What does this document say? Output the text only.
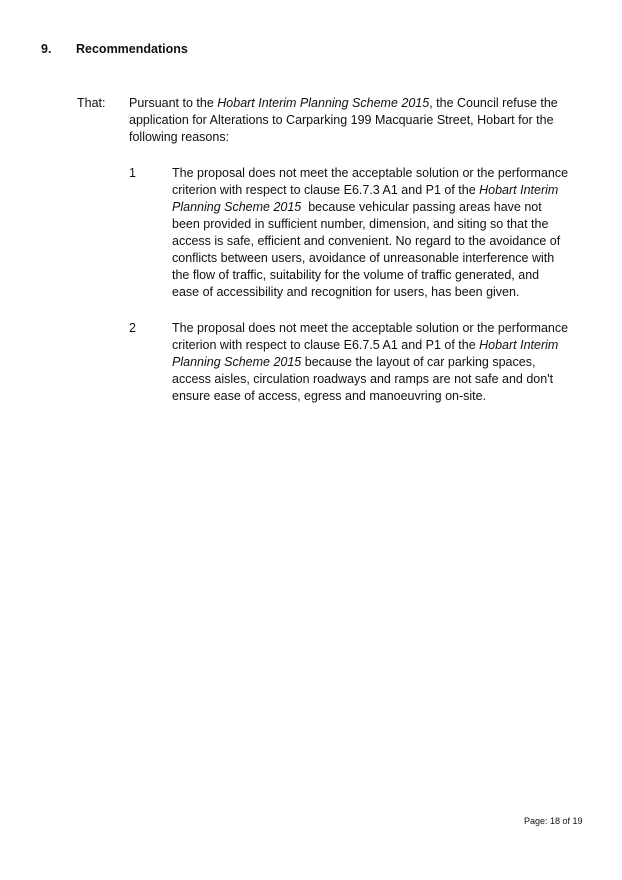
9. Recommendations
That: Pursuant to the Hobart Interim Planning Scheme 2015, the Council refuse the application for Alterations to Carparking 199 Macquarie Street, Hobart for the following reasons:
1	The proposal does not meet the acceptable solution or the performance criterion with respect to clause E6.7.3 A1 and P1 of the Hobart Interim Planning Scheme 2015  because vehicular passing areas have not been provided in sufficient number, dimension, and siting so that the access is safe, efficient and convenient. No regard to the avoidance of conflicts between users, avoidance of unreasonable interference with the flow of traffic, suitability for the volume of traffic generated, and ease of accessibility and recognition for users, has been given.
2	The proposal does not meet the acceptable solution or the performance criterion with respect to clause E6.7.5 A1 and P1 of the Hobart Interim Planning Scheme 2015 because the layout of car parking spaces, access aisles, circulation roadways and ramps are not safe and don't ensure ease of access, egress and manoeuvring on-site.
Page: 18 of 19
